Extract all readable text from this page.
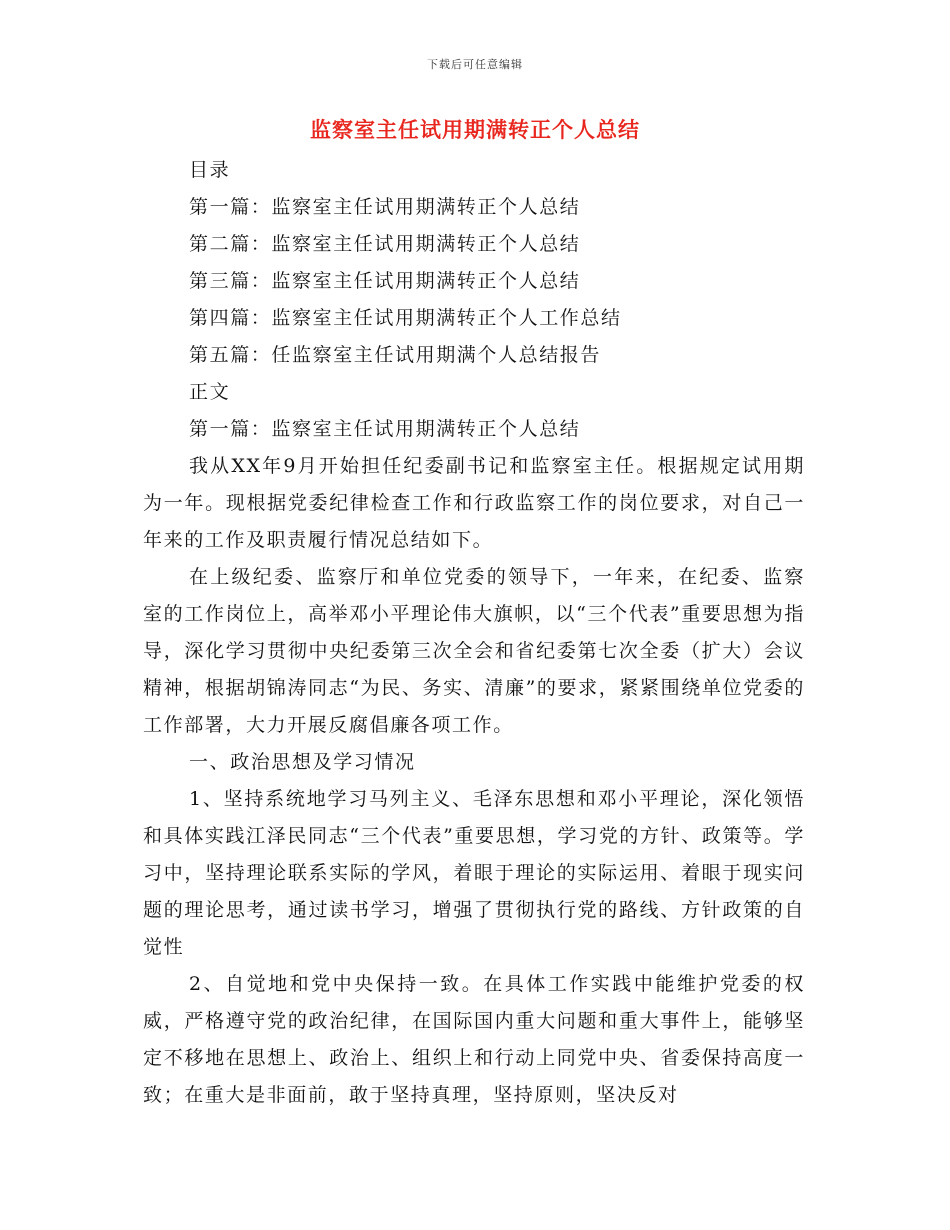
下载后可任意编辑
监察室主任试用期满转正个人总结

目录

第一篇：监察室主任试用期满转正个人总结

第二篇：监察室主任试用期满转正个人总结

第三篇：监察室主任试用期满转正个人总结

第四篇：监察室主任试用期满转正个人工作总结

第五篇：任监察室主任试用期满个人总结报告

正文

第一篇：监察室主任试用期满转正个人总结

我从XX年9月开始担任纪委副书记和监察室主任。根据规定试用期为一年。现根据党委纪律检查工作和行政监察工作的岗位要求，对自己一年来的工作及职责履行情况总结如下。

在上级纪委、监察厅和单位党委的领导下，一年来，在纪委、监察室的工作岗位上，高举邓小平理论伟大旗帜，以“三个代表”重要思想为指导，深化学习贯彻中央纪委第三次全会和省纪委第七次全委（扩大）会议精神，根据胡锦涛同志“为民、务实、清廉”的要求，紧紧围绕单位党委的工作部署，大力开展反腐倡廉各项工作。

一、政治思想及学习情况

1、坚持系统地学习马列主义、毛泽东思想和邓小平理论，深化领悟和具体实践江泽民同志“三个代表”重要思想，学习党的方针、政策等。学习中，坚持理论联系实际的学风，着眼于理论的实际运用、着眼于现实问题的理论思考，通过读书学习，增强了贯彻执行党的路线、方针政策的自觉性

2、自觉地和党中央保持一致。在具体工作实践中能维护党委的权威，严格遵守党的政治纪律，在国际国内重大问题和重大事件上，能够坚定不移地在思想上、政治上、组织上和行动上同党中央、省委保持高度一致；在重大是非面前，敢于坚持真理，坚持原则，坚决反对
